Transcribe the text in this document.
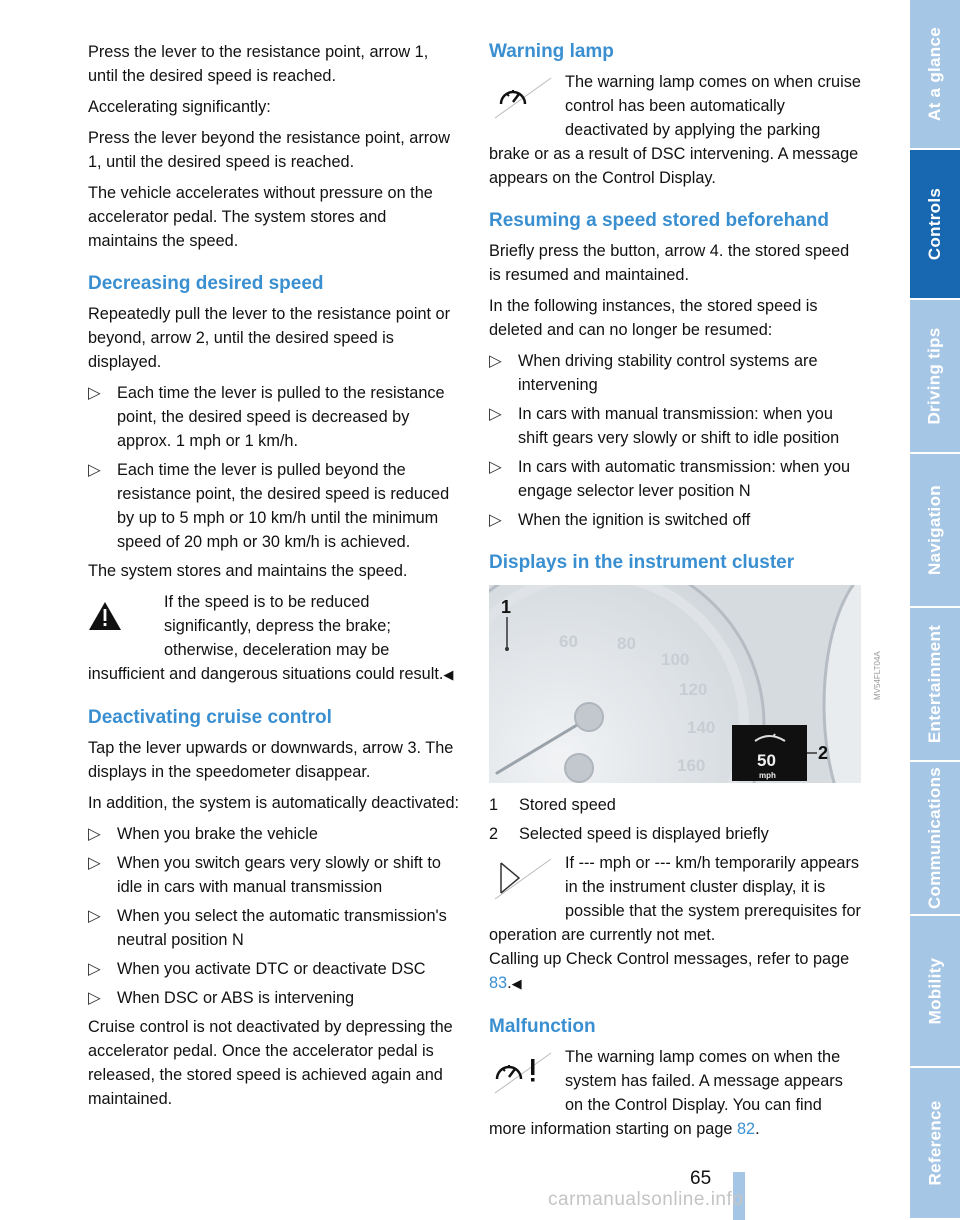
Press the lever to the resistance point, arrow 1, until the desired speed is reached.

Accelerating significantly:

Press the lever beyond the resistance point, arrow 1, until the desired speed is reached.

The vehicle accelerates without pressure on the accelerator pedal. The system stores and maintains the speed.

Decreasing desired speed

Repeatedly pull the lever to the resistance point or beyond, arrow 2, until the desired speed is displayed.

▷ Each time the lever is pulled to the resistance point, the desired speed is decreased by approx. 1 mph or 1 km/h.
▷ Each time the lever is pulled beyond the resistance point, the desired speed is reduced by up to 5 mph or 10 km/h until the minimum speed of 20 mph or 30 km/h is achieved.

The system stores and maintains the speed.

If the speed is to be reduced significantly, depress the brake; otherwise, deceleration may be insufficient and dangerous situations could result.◀
Deactivating cruise control

Tap the lever upwards or downwards, arrow 3. The displays in the speedometer disappear.

In addition, the system is automatically deactivated:

▷ When you brake the vehicle
▷ When you switch gears very slowly or shift to idle in cars with manual transmission
▷ When you select the automatic transmission's neutral position N
▷ When you activate DTC or deactivate DSC
▷ When DSC or ABS is intervening

Cruise control is not deactivated by depressing the accelerator pedal. Once the accelerator pedal is released, the stored speed is achieved again and maintained.

Warning lamp
The warning lamp comes on when cruise control has been automatically deactivated by applying the parking brake or as a result of DSC intervening. A message appears on the Control Display.
Resuming a speed stored beforehand

Briefly press the button, arrow 4. the stored speed is resumed and maintained.

In the following instances, the stored speed is deleted and can no longer be resumed:

▷ When driving stability control systems are intervening
▷ In cars with manual transmission: when you shift gears very slowly or shift to idle position
▷ In cars with automatic transmission: when you engage selector lever position N
▷ When the ignition is switched off
Displays in the instrument cluster
60 80
100
120
140
160
1
50
mph
2
1 Stored speed
2 Selected speed is displayed briefly
If --- mph or --- km/h temporarily appears in the instrument cluster display, it is possible that the system prerequisites for operation are currently not met.
Calling up Check Control messages, refer to page 83.◀
Malfunction
The warning lamp comes on when the system has failed. A message appears on the Control Display. You can find more information starting on page 82.
MV54FLT04A
At a glance
Controls
Driving tips
Navigation
Entertainment
Communications
Mobility
Reference
65
carmanualsonline.info
